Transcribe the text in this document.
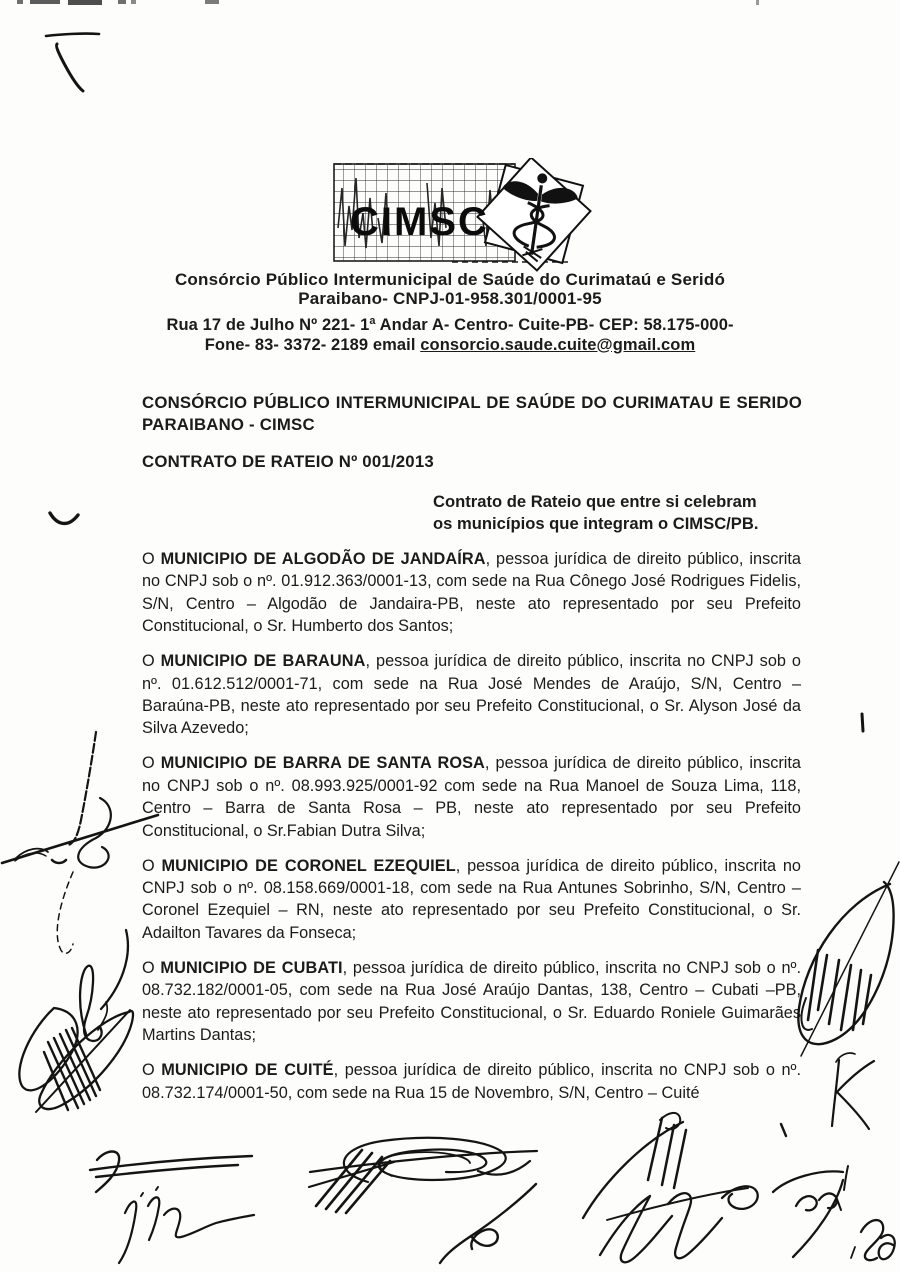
CIMSC
Consórcio Público Intermunicipal de Saúde do Curimataú e Seridó
Paraibano- CNPJ-01-958.301/0001-95
Rua 17 de Julho Nº 221- 1ª Andar A- Centro- Cuite-PB- CEP: 58.175-000-
Fone- 83- 3372- 2189 email consorcio.saude.cuite@gmail.com
CONSÓRCIO PÚBLICO INTERMUNICIPAL DE SAÚDE DO CURIMATAU E SERIDO PARAIBANO - CIMSC
CONTRATO DE RATEIO Nº 001/2013
Contrato de Rateio que entre si celebram
os municípios que integram o CIMSC/PB.

O MUNICIPIO DE ALGODÃO DE JANDAÍRA, pessoa jurídica de direito público, inscrita no CNPJ sob o nº. 01.912.363/0001-13, com sede na Rua Cônego José Rodrigues Fidelis, S/N, Centro – Algodão de Jandaira-PB, neste ato representado por seu Prefeito Constitucional, o Sr. Humberto dos Santos;

O MUNICIPIO DE BARAUNA, pessoa jurídica de direito público, inscrita no CNPJ sob o nº. 01.612.512/0001-71, com sede na Rua José Mendes de Araújo, S/N, Centro – Baraúna-PB, neste ato representado por seu Prefeito Constitucional, o Sr. Alyson José da Silva Azevedo;

O MUNICIPIO DE BARRA DE SANTA ROSA, pessoa jurídica de direito público, inscrita no CNPJ sob o nº. 08.993.925/0001-92 com sede na Rua Manoel de Souza Lima, 118, Centro – Barra de Santa Rosa – PB, neste ato representado por seu Prefeito Constitucional, o Sr.Fabian Dutra Silva;

O MUNICIPIO DE CORONEL EZEQUIEL, pessoa jurídica de direito público, inscrita no CNPJ sob o nº. 08.158.669/0001-18, com sede na Rua Antunes Sobrinho, S/N, Centro – Coronel Ezequiel – RN, neste ato representado por seu Prefeito Constitucional, o Sr. Adailton Tavares da Fonseca;

O MUNICIPIO DE CUBATI, pessoa jurídica de direito público, inscrita no CNPJ sob o nº. 08.732.182/0001-05, com sede na Rua José Araújo Dantas, 138, Centro – Cubati –PB, neste ato representado por seu Prefeito Constitucional, o Sr. Eduardo Roniele Guimarães Martins Dantas;

O MUNICIPIO DE CUITÉ, pessoa jurídica de direito público, inscrita no CNPJ sob o nº. 08.732.174/0001-50, com sede na Rua 15 de Novembro, S/N, Centro – Cuité
